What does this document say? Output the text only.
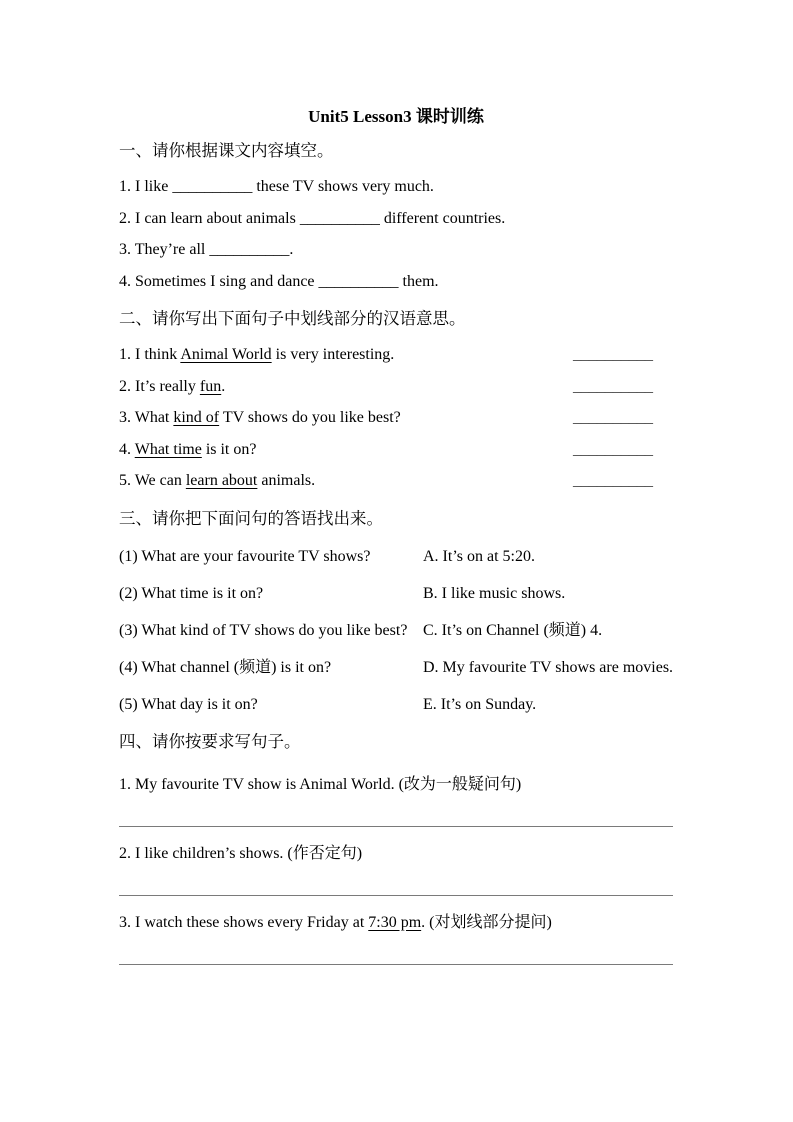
Unit5 Lesson3 课时训练
一、请你根据课文内容填空。

1. I like __________ these TV shows very much.

2. I can learn about animals __________ different countries.

3. They’re all __________.

4. Sometimes I sing and dance __________ them.

二、请你写出下面句子中划线部分的汉语意思。

1. I think Animal World is very interesting.	__________

2. It’s really fun.	__________

3. What kind of TV shows do you like best?	__________

4. What time is it on?	__________

5. We can learn about animals.	__________

三、请你把下面问句的答语找出来。
(1) What are your favourite TV shows?	A. It’s on at 5:20.
(2) What time is it on?	B. I like music shows.
(3) What kind of TV shows do you like best? C. It’s on Channel (频道) 4.
(4) What channel (频道) is it on?	D. My favourite TV shows are movies.
(5) What day is it on?	E. It’s on Sunday.
四、请你按要求写句子。

1. My favourite TV show is Animal World. (改为一般疑问句)

2. I like children’s shows. (作否定句)

3. I watch these shows every Friday at 7:30 pm. (对划线部分提问)
